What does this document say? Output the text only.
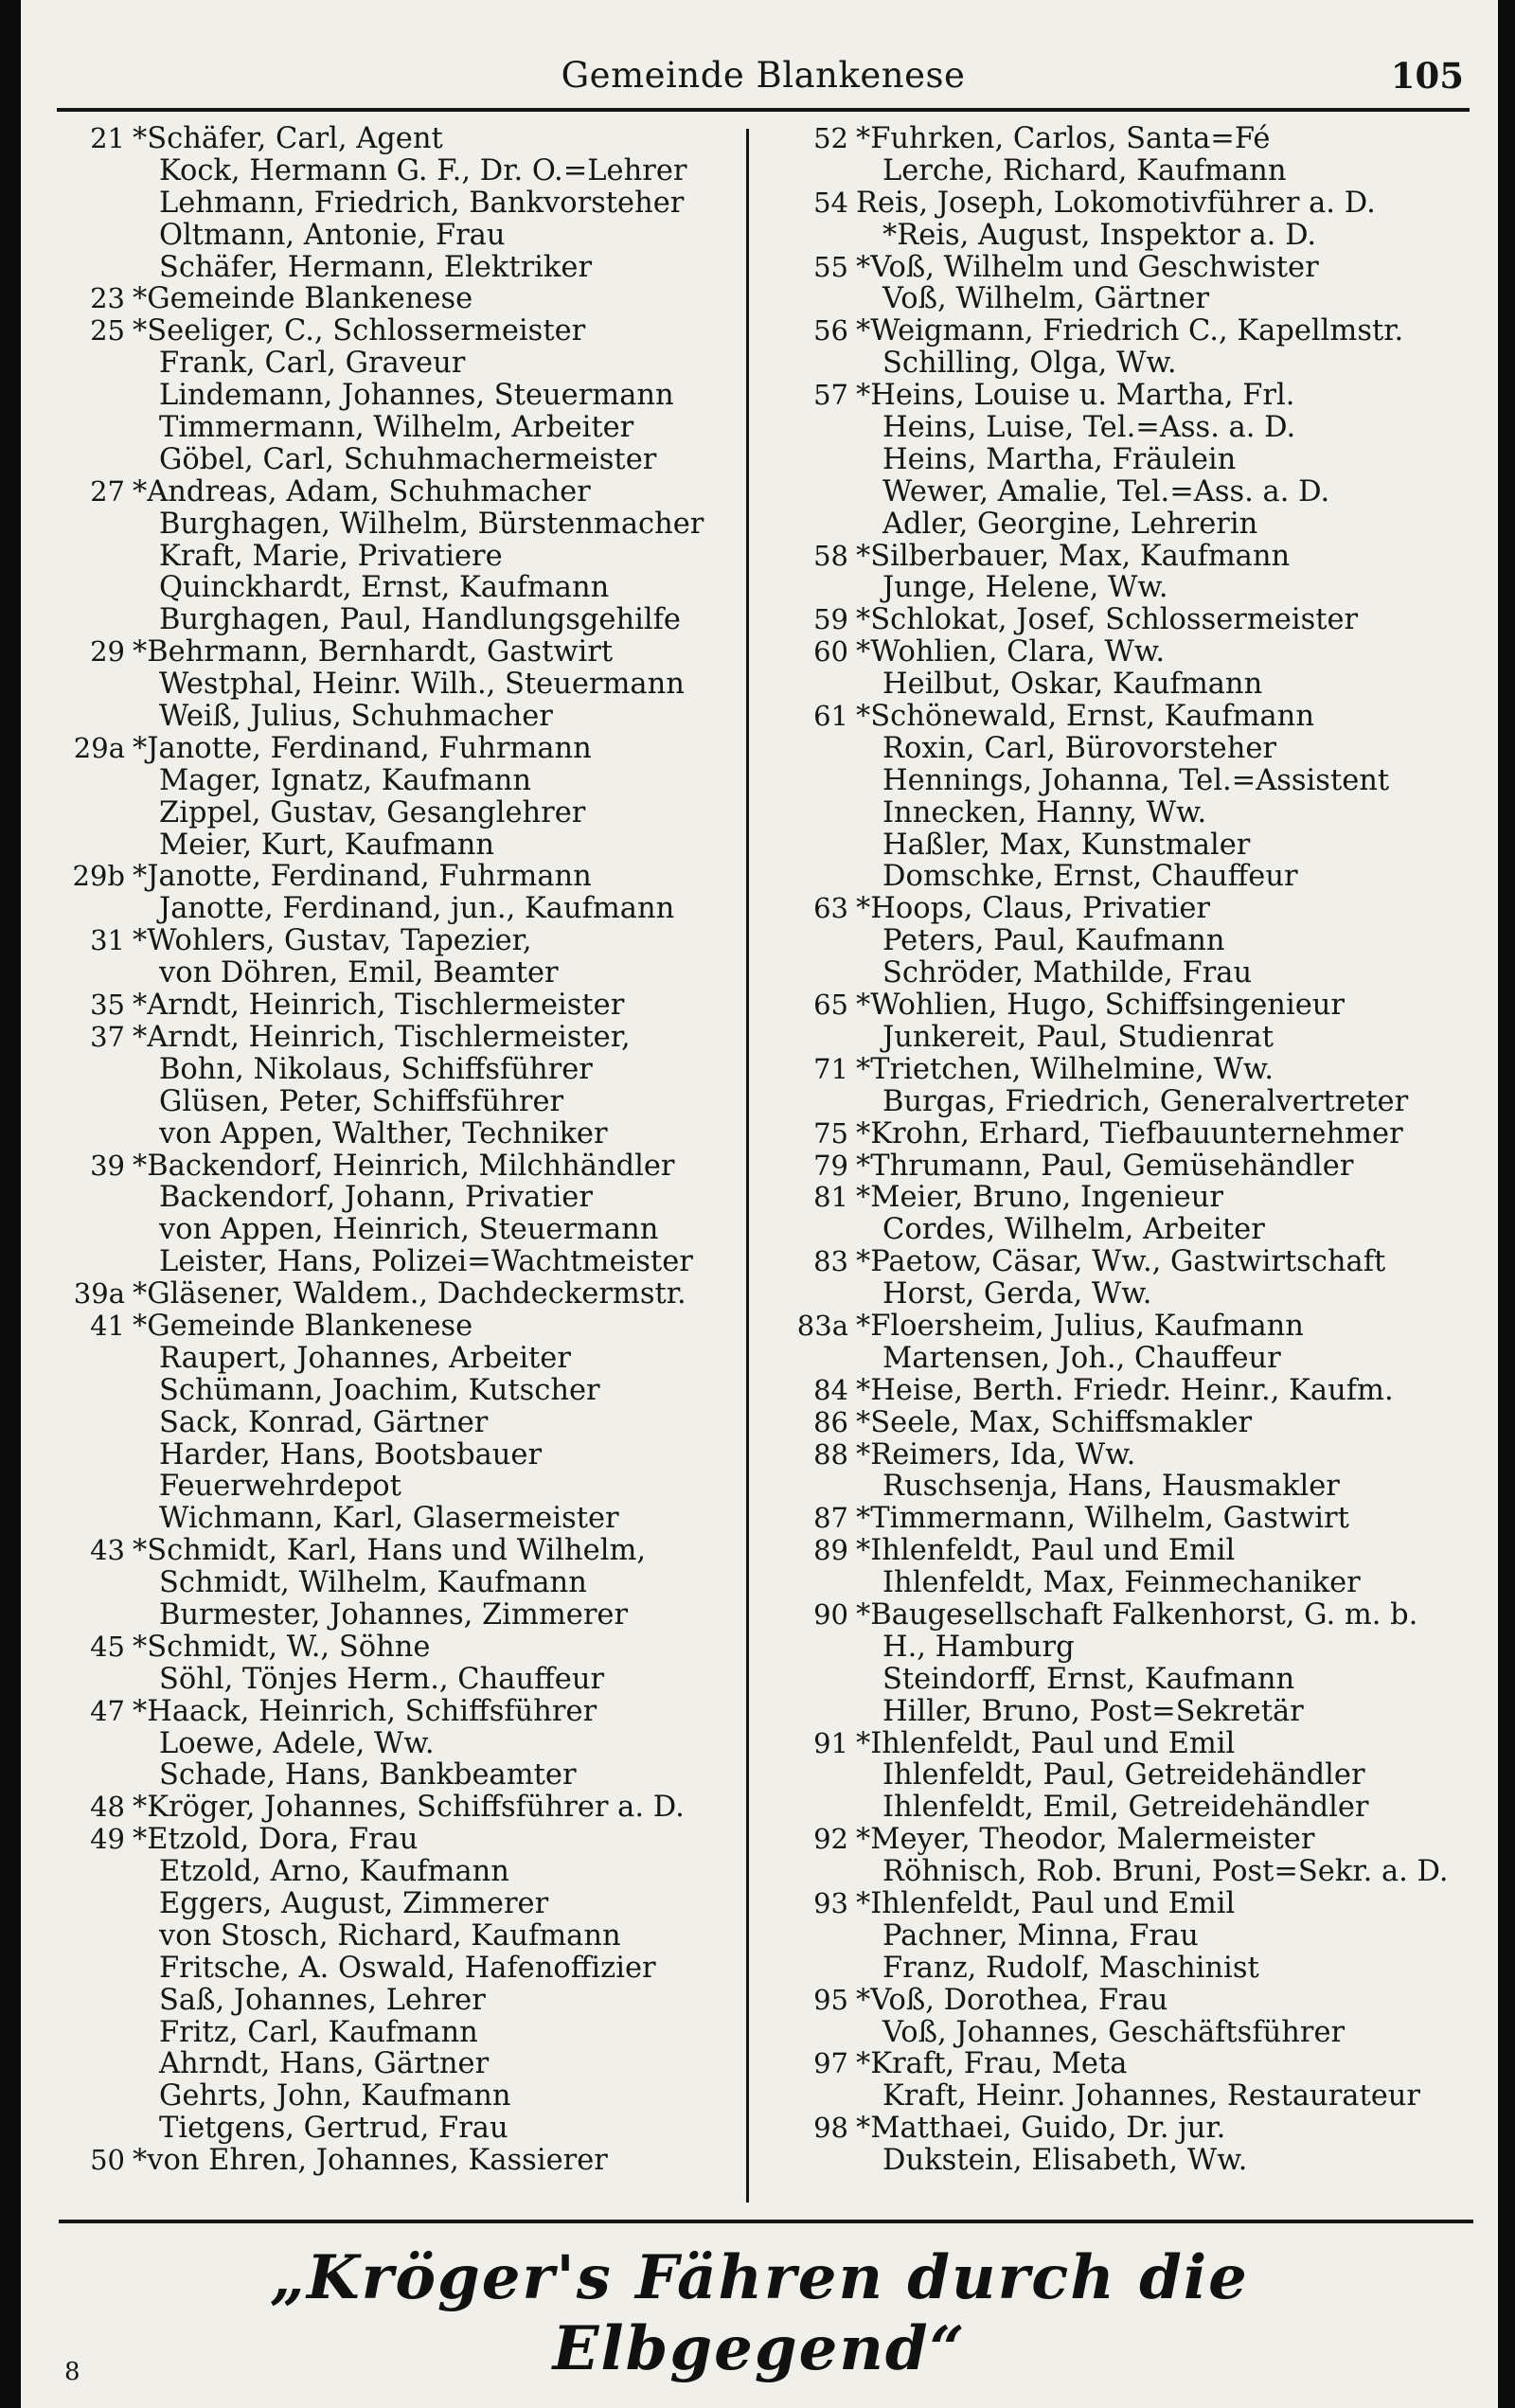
Gemeinde Blankenese	105
21 *Schäfer, Carl, Agent
Kock, Hermann G. F., Dr. O.=Lehrer
Lehmann, Friedrich, Bankvorsteher
Oltmann, Antonie, Frau
Schäfer, Hermann, Elektriker
23 *Gemeinde Blankenese
25 *Seeliger, C., Schlossermeister
Frank, Carl, Graveur
Lindemann, Johannes, Steuermann
Timmermann, Wilhelm, Arbeiter
Göbel, Carl, Schuhmachermeister
27 *Andreas, Adam, Schuhmacher
Burghagen, Wilhelm, Bürstenmacher
Kraft, Marie, Privatiere
Quinckhardt, Ernst, Kaufmann
Burghagen, Paul, Handlungsgehilfe
29 *Behrmann, Bernhardt, Gastwirt
Westphal, Heinr. Wilh., Steuermann
Weiß, Julius, Schuhmacher
29a *Janotte, Ferdinand, Fuhrmann
Mager, Ignatz, Kaufmann
Zippel, Gustav, Gesanglehrer
Meier, Kurt, Kaufmann
29b *Janotte, Ferdinand, Fuhrmann
Janotte, Ferdinand, jun., Kaufmann
31 *Wohlers, Gustav, Tapezier,
von Döhren, Emil, Beamter
35 *Arndt, Heinrich, Tischlermeister
37 *Arndt, Heinrich, Tischlermeister,
Bohn, Nikolaus, Schiffsführer
Glüsen, Peter, Schiffsführer
von Appen, Walther, Techniker
39 *Backendorf, Heinrich, Milchhändler
Backendorf, Johann, Privatier
von Appen, Heinrich, Steuermann
Leister, Hans, Polizei=Wachtmeister
39a *Gläsener, Waldem., Dachdeckermstr.
41 *Gemeinde Blankenese
Raupert, Johannes, Arbeiter
Schümann, Joachim, Kutscher
Sack, Konrad, Gärtner
Harder, Hans, Bootsbauer
Feuerwehrdepot
Wichmann, Karl, Glasermeister
43 *Schmidt, Karl, Hans und Wilhelm,
Schmidt, Wilhelm, Kaufmann
Burmester, Johannes, Zimmerer
45 *Schmidt, W., Söhne
Söhl, Tönjes Herm., Chauffeur
47 *Haack, Heinrich, Schiffsführer
Loewe, Adele, Ww.
Schade, Hans, Bankbeamter
48 *Kröger, Johannes, Schiffsführer a. D.
49 *Etzold, Dora, Frau
Etzold, Arno, Kaufmann
Eggers, August, Zimmerer
von Stosch, Richard, Kaufmann
Fritsche, A. Oswald, Hafenoffizier
Saß, Johannes, Lehrer
Fritz, Carl, Kaufmann
Ahrndt, Hans, Gärtner
Gehrts, John, Kaufmann
Tietgens, Gertrud, Frau
50 *von Ehren, Johannes, Kassierer
52 *Fuhrken, Carlos, Santa=Fé
Lerche, Richard, Kaufmann
54 Reis, Joseph, Lokomotivführer a. D.
*Reis, August, Inspektor a. D.
55 *Voß, Wilhelm und Geschwister
Voß, Wilhelm, Gärtner
56 *Weigmann, Friedrich C., Kapellmstr.
Schilling, Olga, Ww.
57 *Heins, Louise u. Martha, Frl.
Heins, Luise, Tel.=Ass. a. D.
Heins, Martha, Fräulein
Wewer, Amalie, Tel.=Ass. a. D.
Adler, Georgine, Lehrerin
58 *Silberbauer, Max, Kaufmann
Junge, Helene, Ww.
59 *Schlokat, Josef, Schlossermeister
60 *Wohlien, Clara, Ww.
Heilbut, Oskar, Kaufmann
61 *Schönewald, Ernst, Kaufmann
Roxin, Carl, Bürovorsteher
Hennings, Johanna, Tel.=Assistent
Innecken, Hanny, Ww.
Haßler, Max, Kunstmaler
Domschke, Ernst, Chauffeur
63 *Hoops, Claus, Privatier
Peters, Paul, Kaufmann
Schröder, Mathilde, Frau
65 *Wohlien, Hugo, Schiffsingenieur
Junkereit, Paul, Studienrat
71 *Trietchen, Wilhelmine, Ww.
Burgas, Friedrich, Generalvertreter
75 *Krohn, Erhard, Tiefbauunternehmer
79 *Thrumann, Paul, Gemüsehändler
81 *Meier, Bruno, Ingenieur
Cordes, Wilhelm, Arbeiter
83 *Paetow, Cäsar, Ww., Gastwirtschaft
Horst, Gerda, Ww.
83a *Floersheim, Julius, Kaufmann
Martensen, Joh., Chauffeur
84 *Heise, Berth. Friedr. Heinr., Kaufm.
86 *Seele, Max, Schiffsmakler
88 *Reimers, Ida, Ww.
Ruschsenja, Hans, Hausmakler
87 *Timmermann, Wilhelm, Gastwirt
89 *Ihlenfeldt, Paul und Emil
Ihlenfeldt, Max, Feinmechaniker
90 *Baugesellschaft Falkenhorst, G. m. b.
H., Hamburg
Steindorff, Ernst, Kaufmann
Hiller, Bruno, Post=Sekretär
91 *Ihlenfeldt, Paul und Emil
Ihlenfeldt, Paul, Getreidehändler
Ihlenfeldt, Emil, Getreidehändler
92 *Meyer, Theodor, Malermeister
Röhnisch, Rob. Bruni, Post=Sekr. a. D.
93 *Ihlenfeldt, Paul und Emil
Pachner, Minna, Frau
Franz, Rudolf, Maschinist
95 *Voß, Dorothea, Frau
Voß, Johannes, Geschäftsführer
97 *Kraft, Frau, Meta
Kraft, Heinr. Johannes, Restaurateur
98 *Matthaei, Guido, Dr. jur.
Dukstein, Elisabeth, Ww.
„Kröger's Fähren durch die Elbgegend“
8
